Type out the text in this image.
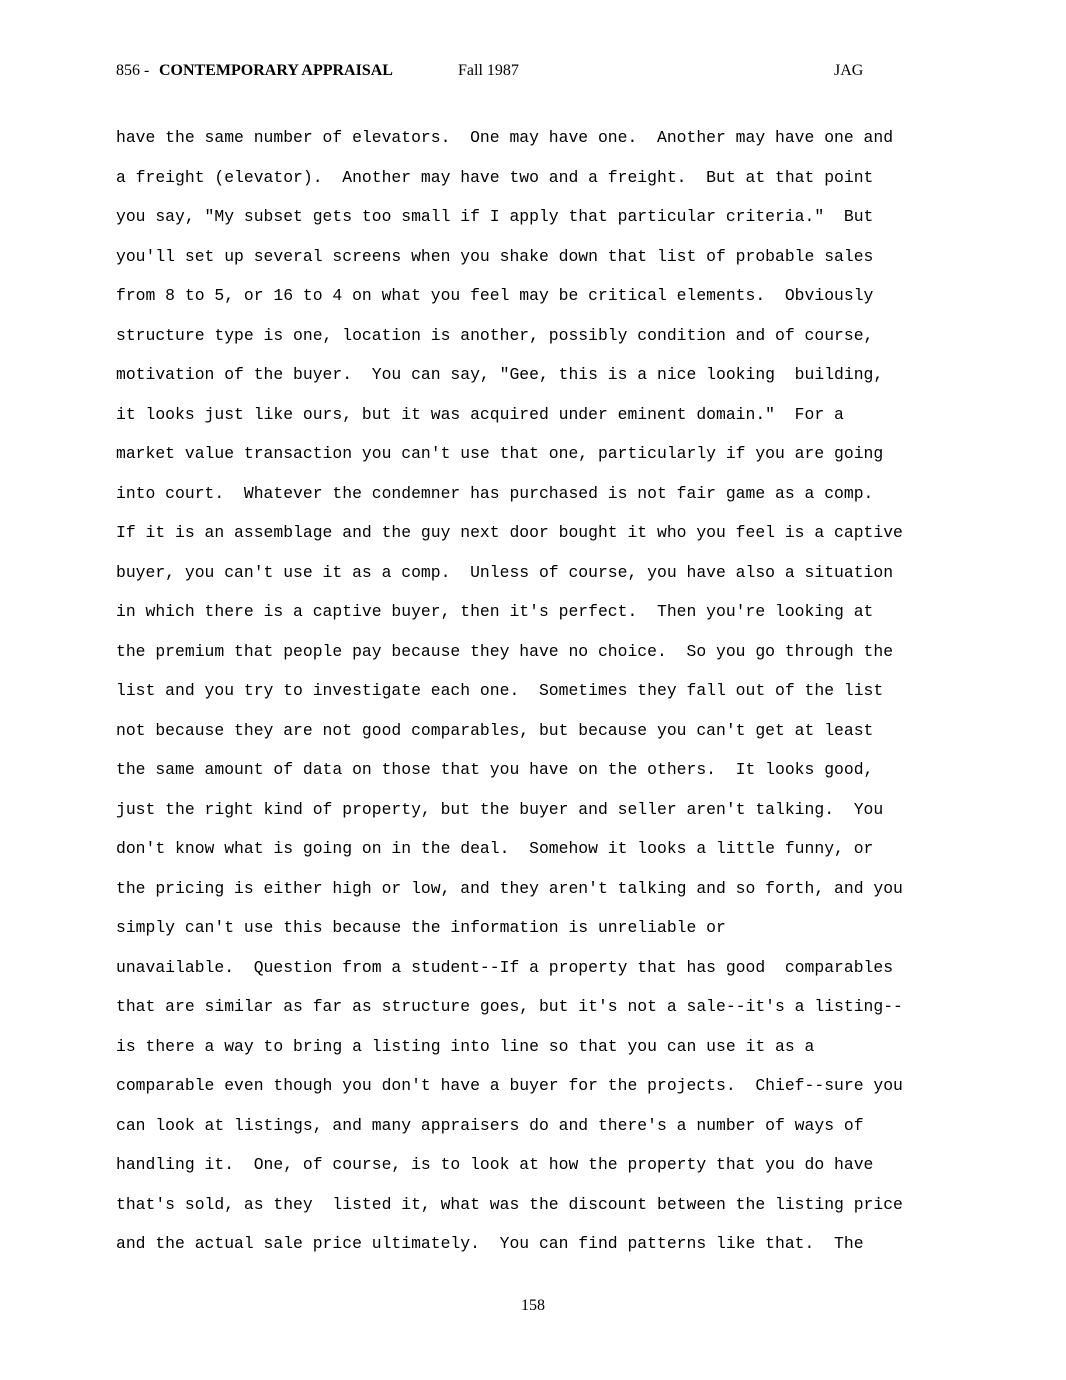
856 - CONTEMPORARY APPRAISAL	Fall 1987	JAG
have the same number of elevators.  One may have one.  Another may have one and
a freight (elevator).  Another may have two and a freight.  But at that point
you say, "My subset gets too small if I apply that particular criteria."  But
you'll set up several screens when you shake down that list of probable sales
from 8 to 5, or 16 to 4 on what you feel may be critical elements.  Obviously
structure type is one, location is another, possibly condition and of course,
motivation of the buyer.  You can say, "Gee, this is a nice looking  building,
it looks just like ours, but it was acquired under eminent domain."  For a
market value transaction you can't use that one, particularly if you are going
into court.  Whatever the condemner has purchased is not fair game as a comp.
If it is an assemblage and the guy next door bought it who you feel is a captive
buyer, you can't use it as a comp.  Unless of course, you have also a situation
in which there is a captive buyer, then it's perfect.  Then you're looking at
the premium that people pay because they have no choice.  So you go through the
list and you try to investigate each one.  Sometimes they fall out of the list
not because they are not good comparables, but because you can't get at least
the same amount of data on those that you have on the others.  It looks good,
just the right kind of property, but the buyer and seller aren't talking.  You
don't know what is going on in the deal.  Somehow it looks a little funny, or
the pricing is either high or low, and they aren't talking and so forth, and you
simply can't use this because the information is unreliable or
unavailable.  Question from a student--If a property that has good  comparables
that are similar as far as structure goes, but it's not a sale--it's a listing--
is there a way to bring a listing into line so that you can use it as a
comparable even though you don't have a buyer for the projects.  Chief--sure you
can look at listings, and many appraisers do and there's a number of ways of
handling it.  One, of course, is to look at how the property that you do have
that's sold, as they  listed it, what was the discount between the listing price
and the actual sale price ultimately.  You can find patterns like that.  The
158
